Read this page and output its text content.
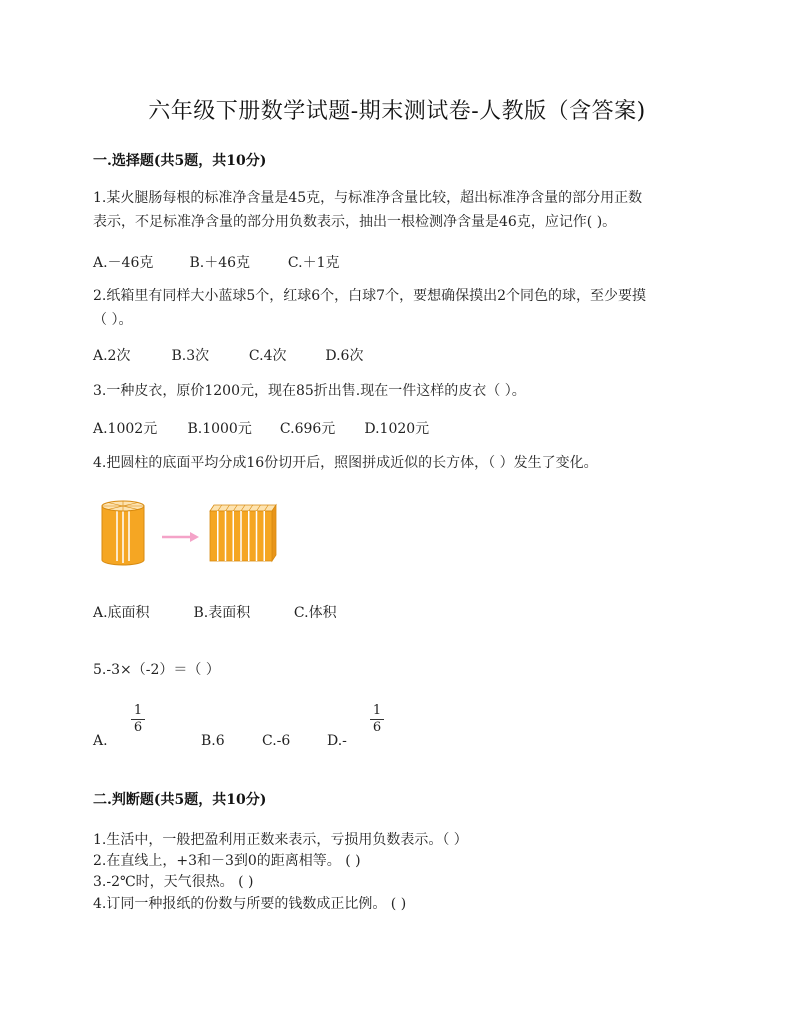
六年级下册数学试题-期末测试卷-人教版（含答案)
一.选择题(共5题，共10分)
1.某火腿肠每根的标准净含量是45克，与标准净含量比较，超出标准净含量的部分用正数
表示，不足标准净含量的部分用负数表示，抽出一根检测净含量是46克，应记作( )。
A.－46克	B.＋46克	C.＋1克
2.纸箱里有同样大小蓝球5个，红球6个，白球7个，要想确保摸出2个同色的球，至少要摸
（ ）。
A.2次	B.3次	C.4次	D.6次
3.一种皮衣，原价1200元，现在85折出售.现在一件这样的皮衣（ ）。
A.1002元 B.1000元 C.696元 D.1020元
4.把圆柱的底面平均分成16份切开后，照图拼成近似的长方体，（ ）发生了变化。
A.底面积	B.表面积	C.体积
5.-3×（-2）＝（ ）
1
6
1
6
A.	B.6	C.-6	D.-
二.判断题(共5题，共10分)
1.生活中，一般把盈利用正数来表示，亏损用负数表示。（ ）
2.在直线上，+3和－3到0的距离相等。 ( )
3.-2℃时，天气很热。 ( )
4.订同一种报纸的份数与所要的钱数成正比例。 ( )
